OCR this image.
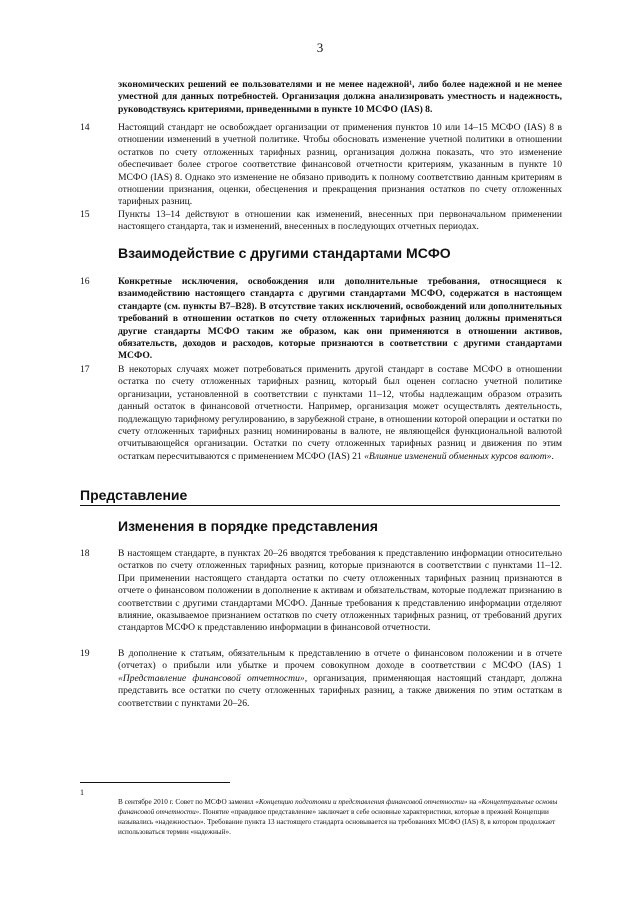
3

экономических решений ее пользователями и не менее надежной¹, либо более надежной и не менее уместной для данных потребностей. Организация должна анализировать уместность и надежность, руководствуясь критериями, приведенными в пункте 10 МСФО (IAS) 8.

14	Настоящий стандарт не освобождает организации от применения пунктов 10 или 14–15 МСФО (IAS) 8 в отношении изменений в учетной политике. Чтобы обосновать изменение учетной политики в отношении остатков по счету отложенных тарифных разниц, организация должна показать, что это изменение обеспечивает более строгое соответствие финансовой отчетности критериям, указанным в пункте 10 МСФО (IAS) 8. Однако это изменение не обязано приводить к полному соответствию данным критериям в отношении признания, оценки, обесценения и прекращения признания остатков по счету отложенных тарифных разниц.

15	Пункты 13–14 действуют в отношении как изменений, внесенных при первоначальном применении настоящего стандарта, так и изменений, внесенных в последующих отчетных периодах.

Взаимодействие с другими стандартами МСФО
16	Конкретные исключения, освобождения или дополнительные требования, относящиеся к взаимодействию настоящего стандарта с другими стандартами МСФО, содержатся в настоящем стандарте (см. пункты B7–B28). В отсутствие таких исключений, освобождений или дополнительных требований в отношении остатков по счету отложенных тарифных разниц должны применяться другие стандарты МСФО таким же образом, как они применяются в отношении активов, обязательств, доходов и расходов, которые признаются в соответствии с другими стандартами МСФО.

17	В некоторых случаях может потребоваться применить другой стандарт в составе МСФО в отношении остатка по счету отложенных тарифных разниц, который был оценен согласно учетной политике организации, установленной в соответствии с пунктами 11–12, чтобы надлежащим образом отразить данный остаток в финансовой отчетности. Например, организация может осуществлять деятельность, подлежащую тарифному регулированию, в зарубежной стране, в отношении которой операции и остатки по счету отложенных тарифных разниц номинированы в валюте, не являющейся функциональной валютой отчитывающейся организации. Остатки по счету отложенных тарифных разниц и движения по этим остаткам пересчитываются с применением МСФО (IAS) 21 «Влияние изменений обменных курсов валют».

Представление
Изменения в порядке представления
18	В настоящем стандарте, в пунктах 20–26 вводятся требования к представлению информации относительно остатков по счету отложенных тарифных разниц, которые признаются в соответствии с пунктами 11–12. При применении настоящего стандарта остатки по счету отложенных тарифных разниц признаются в отчете о финансовом положении в дополнение к активам и обязательствам, которые подлежат признанию в соответствии с другими стандартами МСФО. Данные требования к представлению информации отделяют влияние, оказываемое признанием остатков по счету отложенных тарифных разниц, от требований других стандартов МСФО к представлению информации в финансовой отчетности.

19	В дополнение к статьям, обязательным к представлению в отчете о финансовом положении и в отчете (отчетах) о прибыли или убытке и прочем совокупном доходе в соответствии с МСФО (IAS) 1 «Представление финансовой отчетности», организация, применяющая настоящий стандарт, должна представить все остатки по счету отложенных тарифных разниц, а также движения по этим остаткам в соответствии с пунктами 20–26.

1

В сентябре 2010 г. Совет по МСФО заменил «Концепцию подготовки и представления финансовой отчетности» на «Концептуальные основы финансовой отчетности». Понятие «правдивое представление» заключает в себе основные характеристики, которые в прежней Концепции назывались «надежностью». Требование пункта 13 настоящего стандарта основывается на требованиях МСФО (IAS) 8, в котором продолжает использоваться термин «надежный».
